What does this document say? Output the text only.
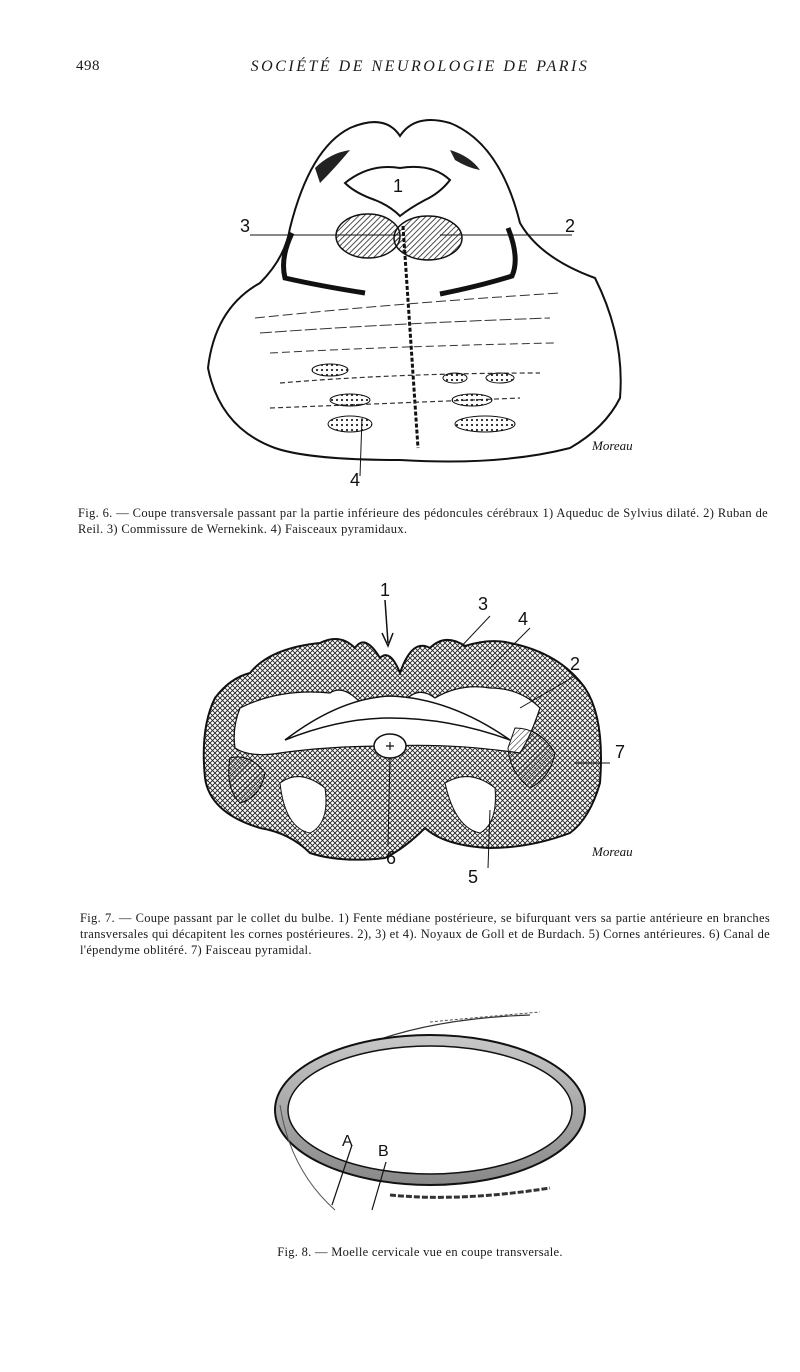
498	SOCIÉTÉ DE NEUROLOGIE DE PARIS
1
2
3
4
Moreau
Fig. 6. — Coupe transversale passant par la partie inférieure des pédoncules cérébraux 1) Aqueduc de Sylvius dilaté. 2) Ruban de Reil. 3) Commissure de Wernekink. 4) Faisceaux pyramidaux.
1
2
3
4
5
6
7
Moreau
Fig. 7. — Coupe passant par le collet du bulbe. 1) Fente médiane postérieure, se bifurquant vers sa partie antérieure en branches transversales qui décapitent les cornes postérieures. 2), 3) et 4). Noyaux de Goll et de Burdach. 5) Cornes antérieures. 6) Canal de l'épendyme oblitéré. 7) Faisceau pyramidal.
A
B
Fig. 8. — Moelle cervicale vue en coupe transversale.
